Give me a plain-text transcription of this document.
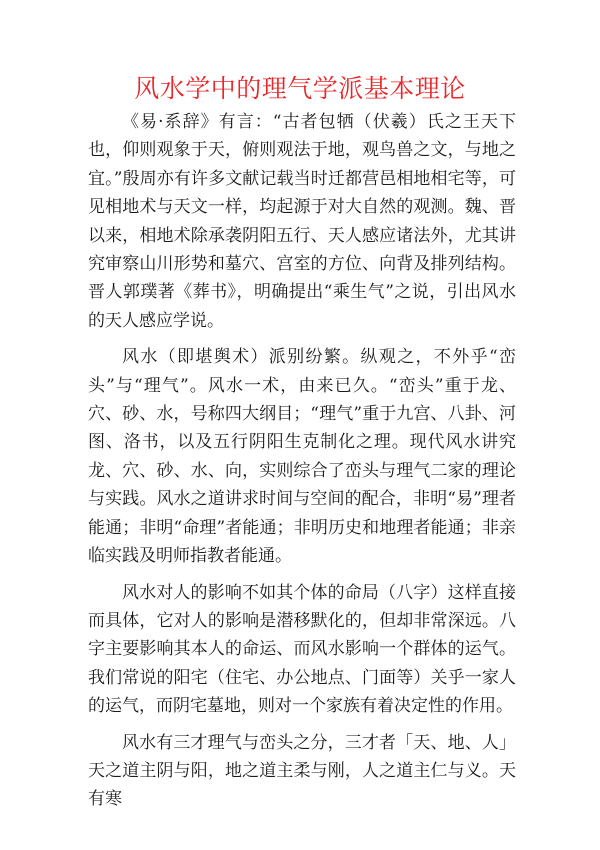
风水学中的理气学派基本理论

《易·系辞》有言：“古者包牺（伏羲）氏之王天下也，仰则观象于天，俯则观法于地，观鸟兽之文，与地之宜。”殷周亦有许多文献记载当时迁都营邑相地相宅等，可见相地术与天文一样，均起源于对大自然的观测。魏、晋以来，相地术除承袭阴阳五行、天人感应诸法外，尤其讲究审察山川形势和墓穴、宫室的方位、向背及排列结构。晋人郭璞著《葬书》，明确提出“乘生气”之说，引出风水的天人感应学说。

风水（即堪舆术）派别纷繁。纵观之，不外乎“峦头”与“理气”。风水一术，由来已久。“峦头”重于龙、穴、砂、水，号称四大纲目；“理气”重于九宫、八卦、河图、洛书，以及五行阴阳生克制化之理。现代风水讲究龙、穴、砂、水、向，实则综合了峦头与理气二家的理论与实践。风水之道讲求时间与空间的配合，非明“易”理者能通；非明“命理”者能通；非明历史和地理者能通；非亲临实践及明师指教者能通。

风水对人的影响不如其个体的命局（八字）这样直接而具体，它对人的影响是潜移默化的，但却非常深远。八字主要影响其本人的命运、而风水影响一个群体的运气。我们常说的阳宅（住宅、办公地点、门面等）关乎一家人的运气，而阴宅墓地，则对一个家族有着决定性的作用。

风水有三才理气与峦头之分，三才者「天、地、人」天之道主阴与阳，地之道主柔与刚，人之道主仁与义。天有寒
